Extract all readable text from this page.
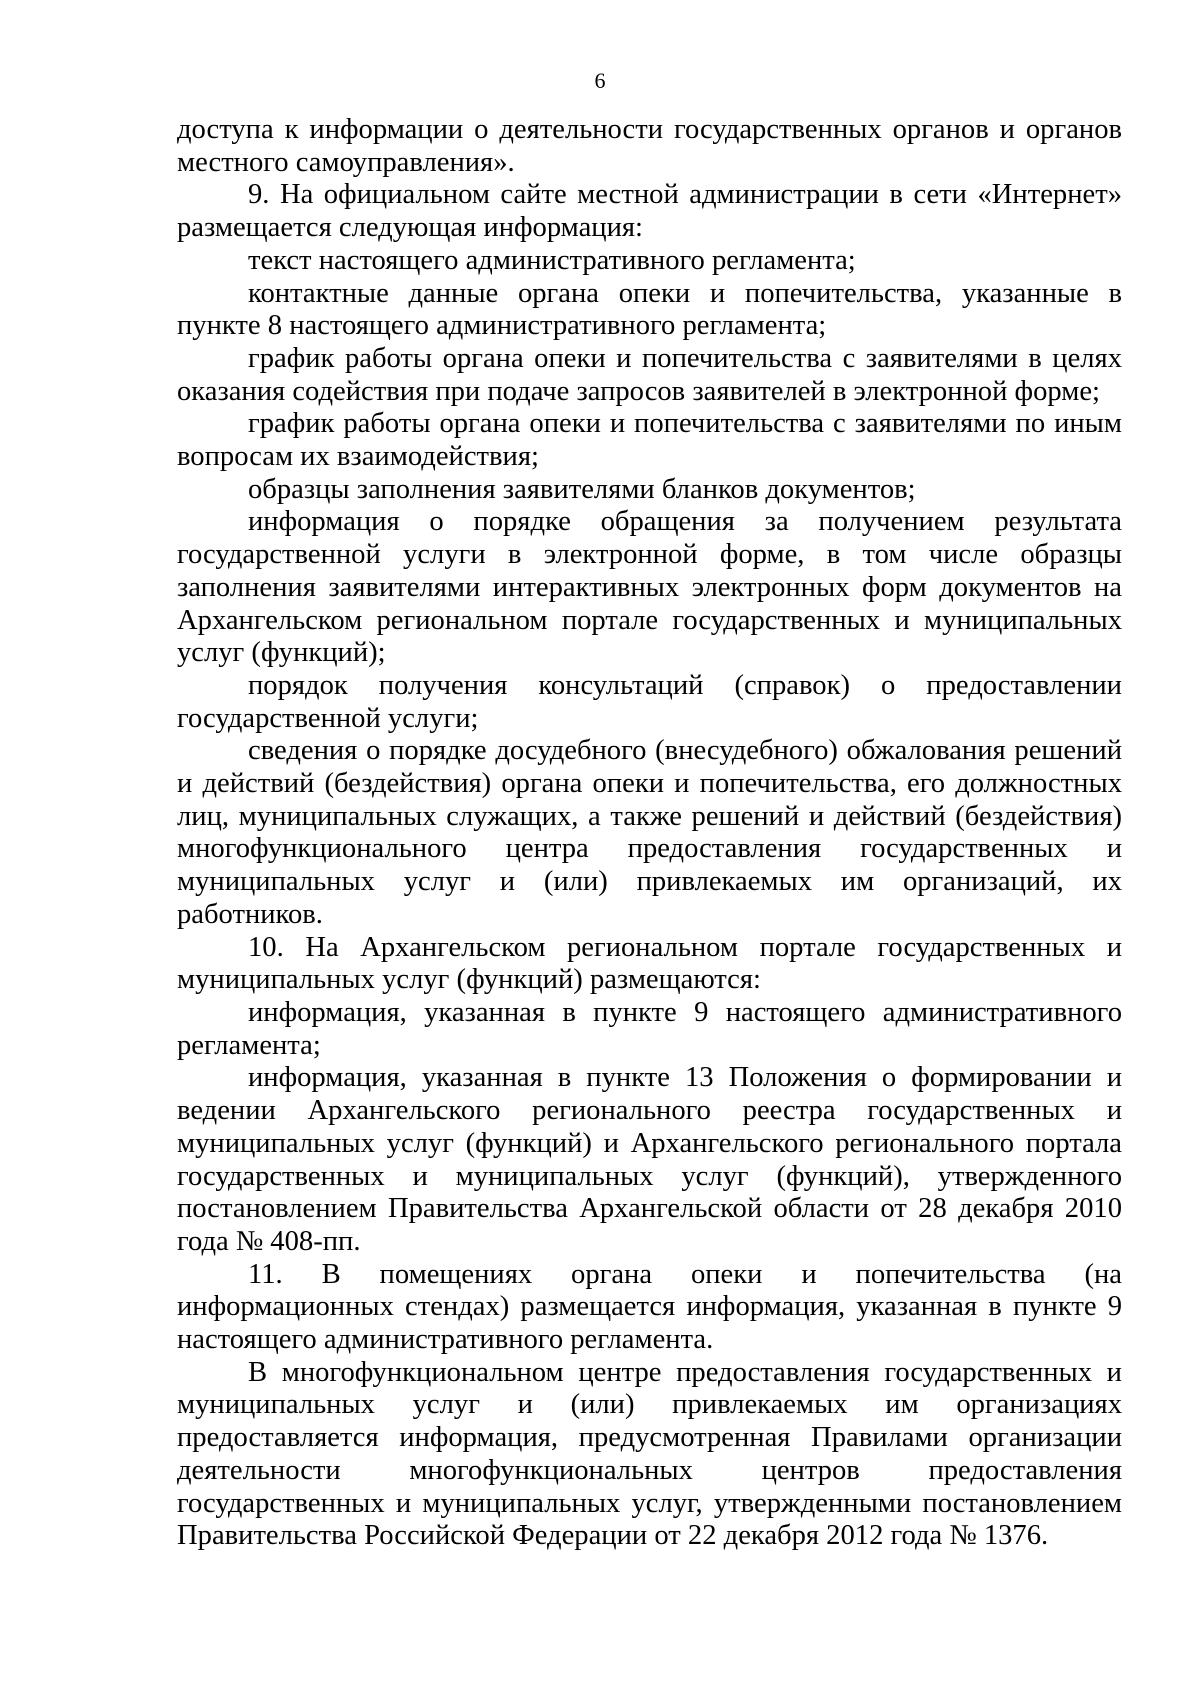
6

доступа к информации о деятельности государственных органов и органов местного самоуправления».

9. На официальном сайте местной администрации в сети «Интернет» размещается следующая информация:

текст настоящего административного регламента;

контактные данные органа опеки и попечительства, указанные в пункте 8 настоящего административного регламента;

график работы органа опеки и попечительства с заявителями в целях оказания содействия при подаче запросов заявителей в электронной форме;

график работы органа опеки и попечительства с заявителями по иным вопросам их взаимодействия;

образцы заполнения заявителями бланков документов;

информация о порядке обращения за получением результата государственной услуги в электронной форме, в том числе образцы заполнения заявителями интерактивных электронных форм документов на Архангельском региональном портале государственных и муниципальных услуг (функций);

порядок получения консультаций (справок) о предоставлении государственной услуги;

сведения о порядке досудебного (внесудебного) обжалования решений и действий (бездействия) органа опеки и попечительства, его должностных лиц, муниципальных служащих, а также решений и действий (бездействия) многофункционального центра предоставления государственных и муниципальных услуг и (или) привлекаемых им организаций, их работников.

10. На Архангельском региональном портале государственных и муниципальных услуг (функций) размещаются:

информация, указанная в пункте 9 настоящего административного регламента;

информация, указанная в пункте 13 Положения о формировании и ведении Архангельского регионального реестра государственных и муниципальных услуг (функций) и Архангельского регионального портала государственных и муниципальных услуг (функций), утвержденного постановлением Правительства Архангельской области от 28 декабря 2010 года № 408-пп.

11. В помещениях органа опеки и попечительства (на информационных стендах) размещается информация, указанная в пункте 9 настоящего административного регламента.

В многофункциональном центре предоставления государственных и муниципальных услуг и (или) привлекаемых им организациях предоставляется информация, предусмотренная Правилами организации деятельности многофункциональных центров предоставления государственных и муниципальных услуг, утвержденными постановлением Правительства Российской Федерации от 22 декабря 2012 года № 1376.
